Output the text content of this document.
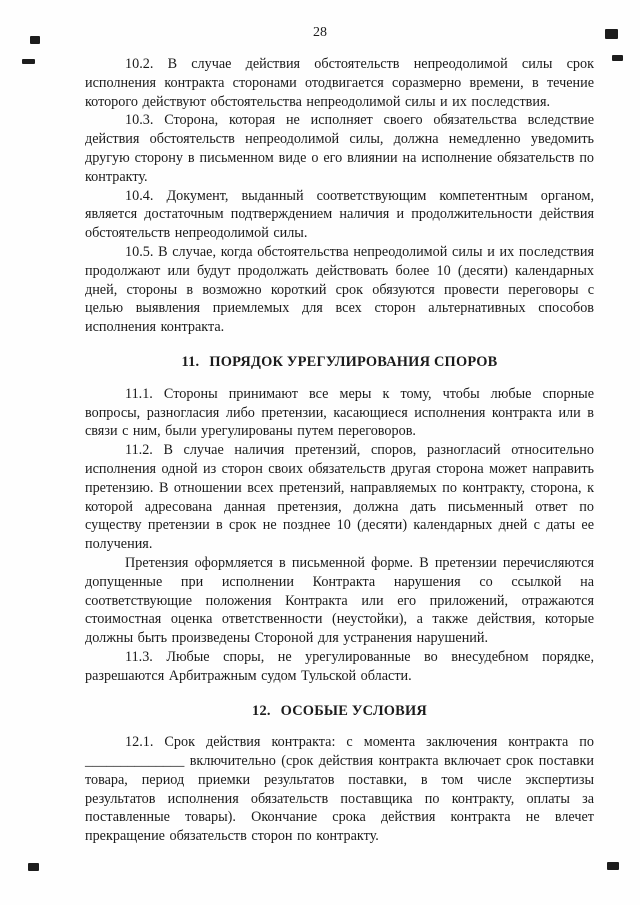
28

10.2. В случае действия обстоятельств непреодолимой силы срок исполнения контракта сторонами отодвигается соразмерно времени, в течение которого действуют обстоятельства непреодолимой силы и их последствия.

10.3. Сторона, которая не исполняет своего обязательства вследствие действия обстоятельств непреодолимой силы, должна немедленно уведомить другую сторону в письменном виде о его влиянии на исполнение обязательств по контракту.

10.4. Документ, выданный соответствующим компетентным органом, является достаточным подтверждением наличия и продолжительности действия обстоятельств непреодолимой силы.

10.5. В случае, когда обстоятельства непреодолимой силы и их последствия продолжают или будут продолжать действовать более 10 (десяти) календарных дней, стороны в возможно короткий срок обязуются провести переговоры с целью выявления приемлемых для всех сторон альтернативных способов исполнения контракта.

11. ПОРЯДОК УРЕГУЛИРОВАНИЯ СПОРОВ

11.1. Стороны принимают все меры к тому, чтобы любые спорные вопросы, разногласия либо претензии, касающиеся исполнения контракта или в связи с ним, были урегулированы путем переговоров.

11.2. В случае наличия претензий, споров, разногласий относительно исполнения одной из сторон своих обязательств другая сторона может направить претензию. В отношении всех претензий, направляемых по контракту, сторона, к которой адресована данная претензия, должна дать письменный ответ по существу претензии в срок не позднее 10 (десяти) календарных дней с даты ее получения.

Претензия оформляется в письменной форме. В претензии перечисляются допущенные при исполнении Контракта нарушения со ссылкой на соответствующие положения Контракта или его приложений, отражаются стоимостная оценка ответственности (неустойки), а также действия, которые должны быть произведены Стороной для устранения нарушений.

11.3. Любые споры, не урегулированные во внесудебном порядке, разрешаются Арбитражным судом Тульской области.

12. ОСОБЫЕ УСЛОВИЯ

12.1. Срок действия контракта: с момента заключения контракта по ______________ включительно (срок действия контракта включает срок поставки товара, период приемки результатов поставки, в том числе экспертизы результатов исполнения обязательств поставщика по контракту, оплаты за поставленные товары). Окончание срока действия контракта не влечет прекращение обязательств сторон по контракту.
